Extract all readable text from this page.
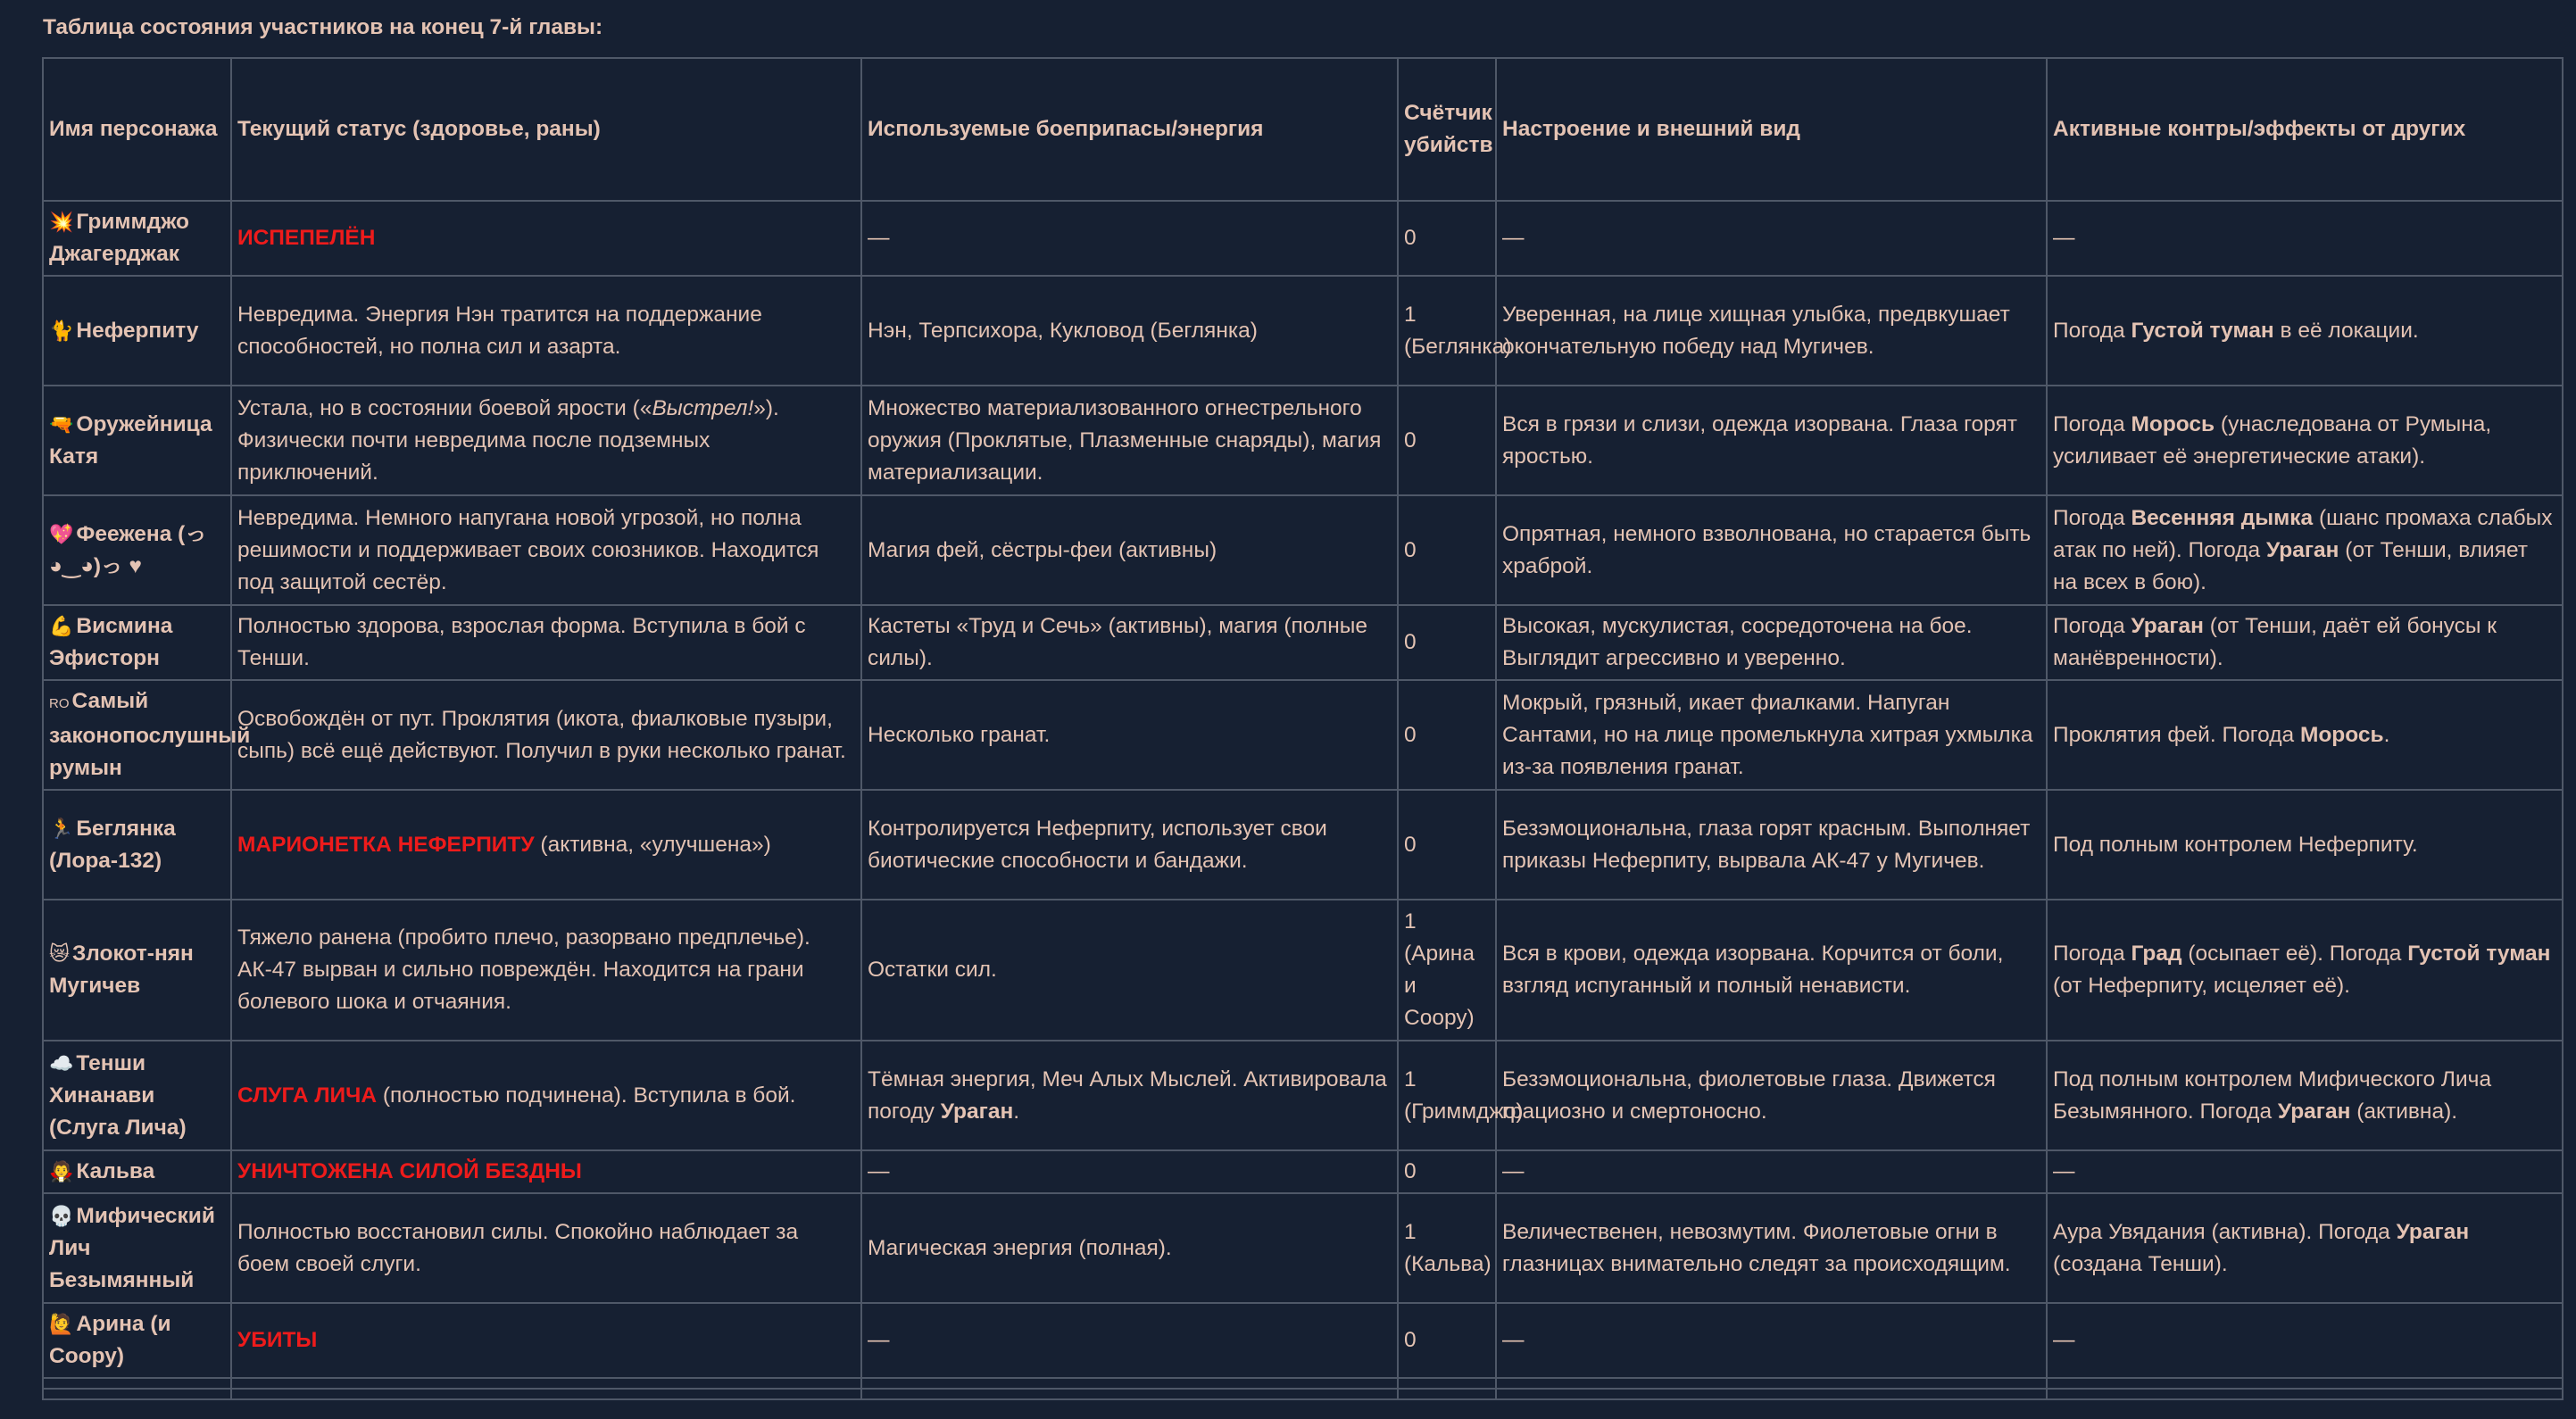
Таблица состояния участников на конец 7-й главы:
Имя персонажа	Текущий статус (здоровье, раны)	Используемые боеприпасы/энергия	Счётчик убийств	Настроение и внешний вид	Активные контры/эффекты от других
💥 Гриммджо Джагерджак	ИСПЕПЕЛЁН	—	0	—	—
🐈 Неферпиту	Невредима. Энергия Нэн тратится на поддержание способностей, но полна сил и азарта.	Нэн, Терпсихора, Кукловод (Беглянка)	1 (Беглянка)	Уверенная, на лице хищная улыбка, предвкушает окончательную победу над Мугичев.	Погода Густой туман в её локации.
🔫 Оружейница Катя	Устала, но в состоянии боевой ярости («Выстрел!»). Физически почти невредима после подземных приключений.	Множество материализованного огнестрельного оружия (Проклятые, Плазменные снаряды), магия материализации.	0	Вся в грязи и слизи, одежда изорвана. Глаза горят яростью.	Погода Морось (унаследована от Румына, усиливает её энергетические атаки).
💖 Феежена (っ◕‿◕)っ ♥	Невредима. Немного напугана новой угрозой, но полна решимости и поддерживает своих союзников. Находится под защитой сестёр.	Магия фей, сёстры-феи (активны)	0	Опрятная, немного взволнована, но старается быть храброй.	Погода Весенняя дымка (шанс промаха слабых атак по ней). Погода Ураган (от Тенши, влияет на всех в бою).
💪 Висмина Эфисторн	Полностью здорова, взрослая форма. Вступила в бой с Тенши.	Кастеты «Труд и Сечь» (активны), магия (полные силы).	0	Высокая, мускулистая, сосредоточена на бое. Выглядит агрессивно и уверенно.	Погода Ураган (от Тенши, даёт ей бонусы к манёвренности).
RO Самый законопослушный румын	Освобождён от пут. Проклятия (икота, фиалковые пузыри, сыпь) всё ещё действуют. Получил в руки несколько гранат.	Несколько гранат.	0	Мокрый, грязный, икает фиалками. Напуган Сантами, но на лице промелькнула хитрая ухмылка из-за появления гранат.	Проклятия фей. Погода Морось.
🏃 Беглянка (Лора-132)	МАРИОНЕТКА НЕФЕРПИТУ (активна, «улучшена»)	Контролируется Неферпиту, использует свои биотические способности и бандажи.	0	Безэмоциональна, глаза горят красным. Выполняет приказы Неферпиту, вырвала АК-47 у Мугичев.	Под полным контролем Неферпиту.
😿 Злокот-нян Мугичев	Тяжело ранена (пробито плечо, разорвано предплечье). АК-47 вырван и сильно повреждён. Находится на грани болевого шока и отчаяния.	Остатки сил.	1 (Арина и Соору)	Вся в крови, одежда изорвана. Корчится от боли, взгляд испуганный и полный ненависти.	Погода Град (осыпает её). Погода Густой туман (от Неферпиту, исцеляет её).
☁️ Тенши Хинанави (Слуга Лича)	СЛУГА ЛИЧА (полностью подчинена). Вступила в бой.	Тёмная энергия, Меч Алых Мыслей. Активировала погоду Ураган.	1 (Гриммджо)	Безэмоциональна, фиолетовые глаза. Движется грациозно и смертоносно.	Под полным контролем Мифического Лича Безымянного. Погода Ураган (активна).
🧛 Кальва	УНИЧТОЖЕНА СИЛОЙ БЕЗДНЫ	—	0	—	—
💀 Мифический Лич Безымянный	Полностью восстановил силы. Спокойно наблюдает за боем своей слуги.	Магическая энергия (полная).	1 (Кальва)	Величественен, невозмутим. Фиолетовые огни в глазницах внимательно следят за происходящим.	Аура Увядания (активна). Погода Ураган (создана Тенши).
🙋 Арина (и Соору)	УБИТЫ	—	0	—	—
